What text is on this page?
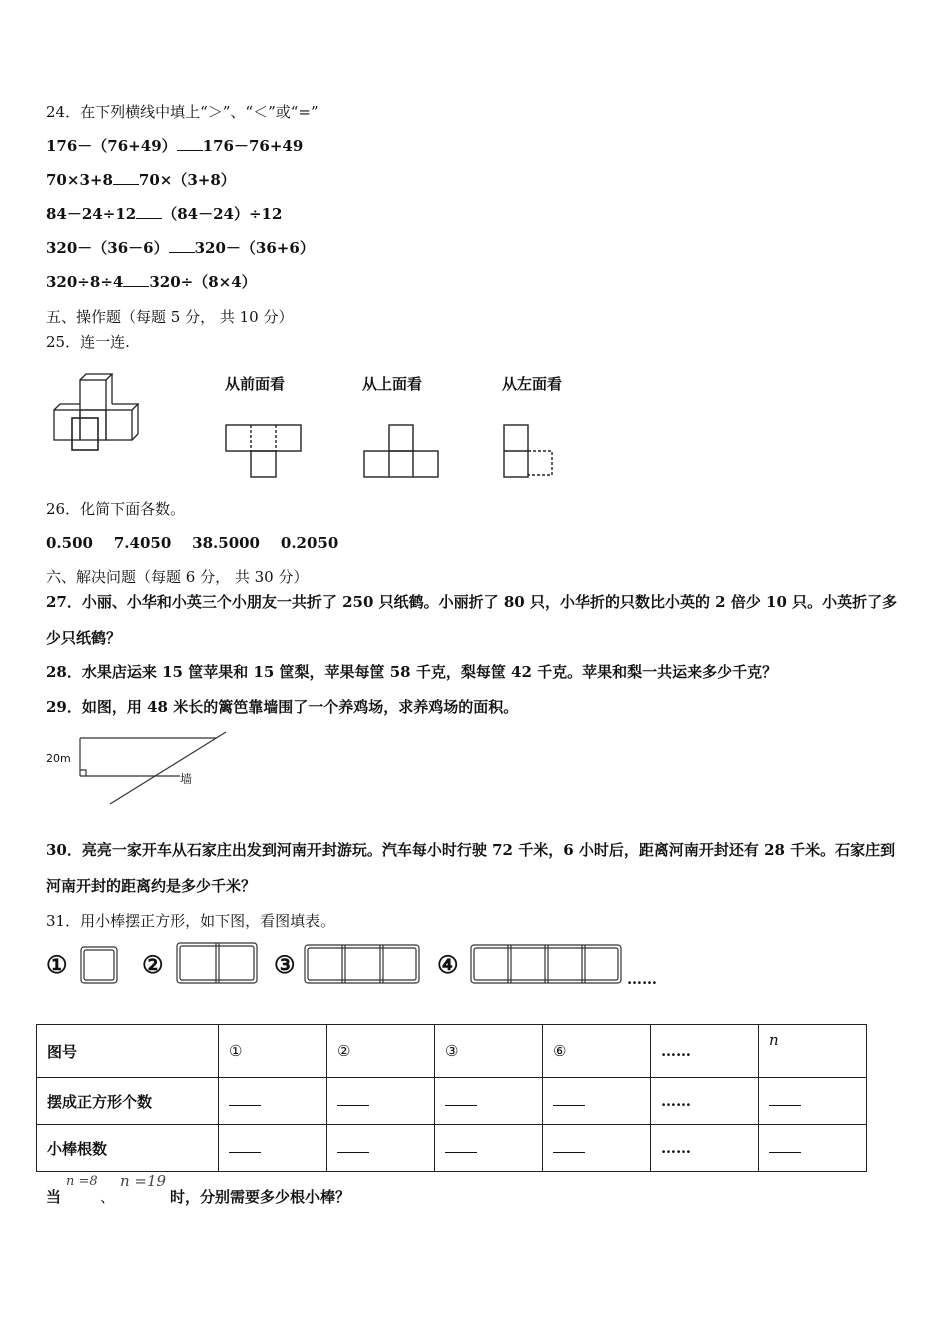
24．在下列横线中填上“＞”、“＜”或“=”
176－（76+49） 176－76+49
70×3+8 70×（3+8）
84－24÷12 （84－24）÷12
320－（36－6） 320－（36+6）
320÷8÷4 320÷（8×4）
五、操作题（每题 5 分， 共 10 分）
25．连一连.
从前面看	从上面看	从左面看
26．化简下面各数。
0.500    7.4050    38.5000    0.2050
六、解决问题（每题 6 分， 共 30 分）
27．小丽、小华和小英三个小朋友一共折了 250 只纸鹤。小丽折了 80 只，小华折的只数比小英的 2 倍少 10 只。小英折了多少只纸鹤？
28．水果店运来 15 筐苹果和 15 筐梨，苹果每筐 58 千克，梨每筐 42 千克。苹果和梨一共运来多少千克？
29．如图，用 48 米长的篱笆靠墙围了一个养鸡场，求养鸡场的面积。
20m
墙
30．亮亮一家开车从石家庄出发到河南开封游玩。汽车每小时行驶 72 千米，6 小时后，距离河南开封还有 28 千米。石家庄到河南开封的距离约是多少千米？
31．用小棒摆正方形，如下图，看图填表。
①	②	③	④	……
图号	①	②	③	⑥	……	n
摆成正方形个数					……	
小棒根数					……	
当
n =8
、
n =19
时，分别需要多少根小棒？
